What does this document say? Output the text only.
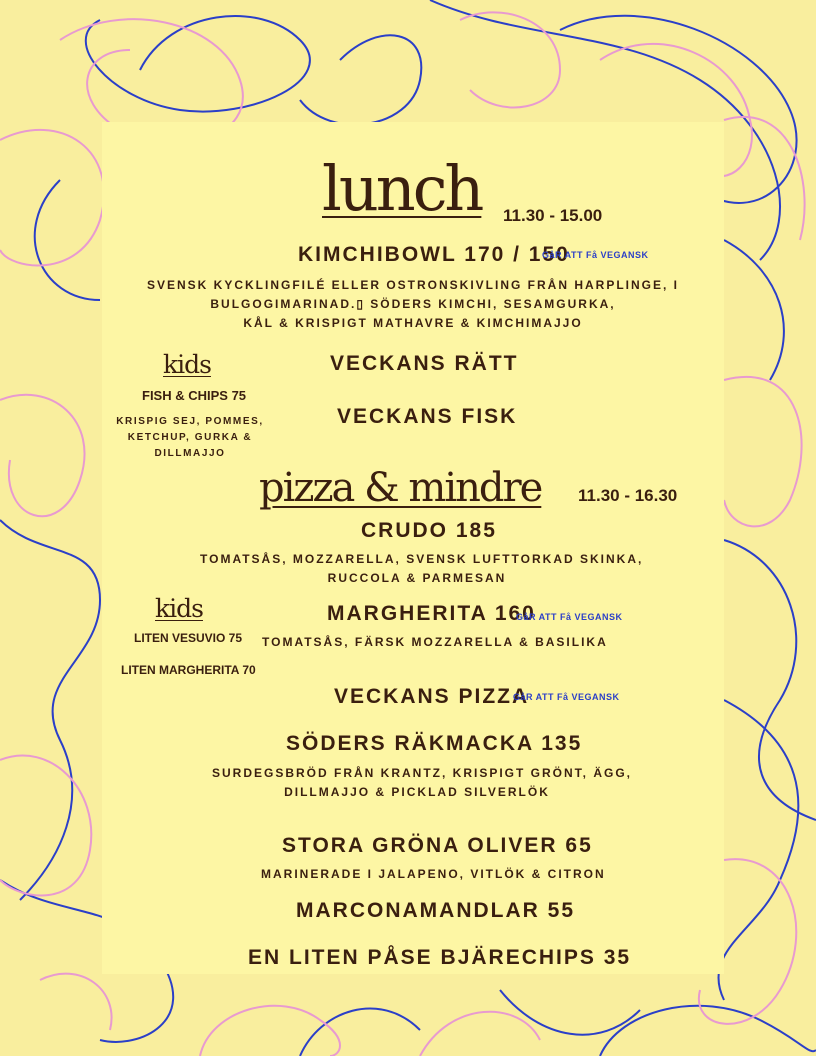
lunch 11.30 - 15.00
KIMCHIBOWL 170 / 150
GåR ATT Få VEGANSK
SVENSK KYCKLINGFILÉ ELLER OSTRONSKIVLING FRÅN HARPLINGE, I
BULGOGIMARINAD.▯ SÖDERS KIMCHI, SESAMGURKA,
KÅL & KRISPIGT MATHAVRE & KIMCHIMAJJO
VECKANS RÄTT
VECKANS FISK
kids
FISH & CHIPS 75
KRISPIG SEJ, POMMES,
KETCHUP, GURKA &
DILLMAJJO
pizza & mindre 11.30 - 16.30
CRUDO 185
TOMATSÅS, MOZZARELLA, SVENSK LUFTTORKAD SKINKA,
RUCCOLA & PARMESAN
MARGHERITA 160
GåR ATT Få VEGANSK
TOMATSÅS, FÄRSK MOZZARELLA & BASILIKA
VECKANS PIZZA
GåR ATT Få VEGANSK
SÖDERS RÄKMACKA 135
SURDEGSBRÖD FRÅN KRANTZ, KRISPIGT GRÖNT, ÄGG,
DILLMAJJO & PICKLAD SILVERLÖK
STORA GRÖNA OLIVER 65
MARINERADE I JALAPENO, VITLÖK & CITRON
MARCONAMANDLAR 55
EN LITEN PÅSE BJÄRECHIPS 35
kids
LITEN VESUVIO 75
LITEN MARGHERITA 70
